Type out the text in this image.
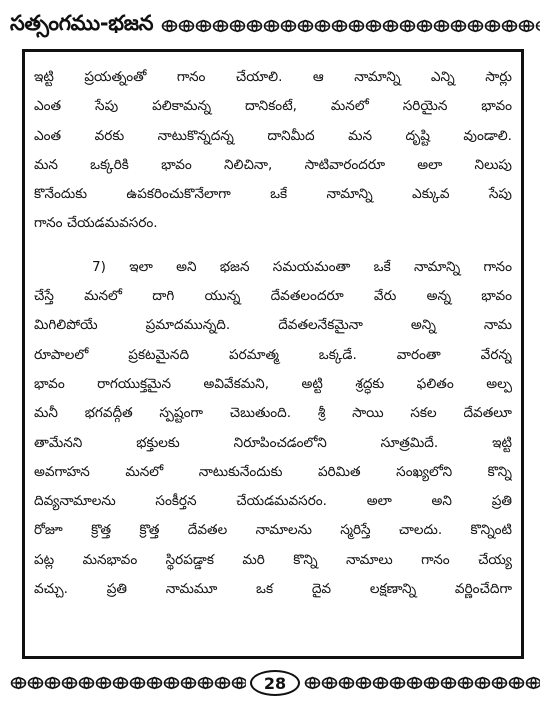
సత్సంగము-భజన
ఇట్టి ప్రయత్నంతో గానం చేయాలి. ఆ నామాన్ని ఎన్ని సార్లు
ఎంత సేపు పలికామన్న దానికంటే, మనలో సరియైన భావం
ఎంత వరకు నాటుకొన్నదన్న దానిమీద మన దృష్టి వుండాలి.
మన ఒక్కరికి భావం నిలిచినా, సాటివారందరూ అలా నిలుపు
కొనేందుకు ఉపకరించుకొనేలాగా ఒకే నామాన్ని ఎక్కువ సేపు
గానం చేయడమవసరం.
7) ఇలా అని భజన సమయమంతా ఒకే నామాన్ని గానం
చేస్తే మనలో దాగి యున్న దేవతలందరూ వేరు అన్న భావం
మిగిలిపోయే ప్రమాదమున్నది. దేవతలనేకమైనా అన్ని నామ
రూపాలలో ప్రకటమైనది పరమాత్మ ఒక్కడే. వారంతా వేరన్న
భావం రాగయుక్తమైన అవివేకమని, అట్టి శ్రద్ధకు ఫలితం అల్ప
మనీ భగవద్గీత స్పష్టంగా చెబుతుంది. శ్రీ సాయి సకల దేవతలూ
తామేనని భక్తులకు నిరూపించడంలోని సూత్రమిదే. ఇట్టి
అవగాహన మనలో నాటుకునేందుకు పరిమిత సంఖ్యలోని కొన్ని
దివ్యనామాలను సంకీర్తన చేయడమవసరం. అలా అని ప్రతి
రోజూ క్రొత్త క్రొత్త దేవతల నామాలను స్మరిస్తే చాలదు. కొన్నింటి
పట్ల మనభావం స్థిరపడ్డాక మరి కొన్ని నామాలు గానం చేయ్య
వచ్చు. ప్రతి నామమూ ఒక దైవ లక్షణాన్ని వర్ణించేదిగా
28
